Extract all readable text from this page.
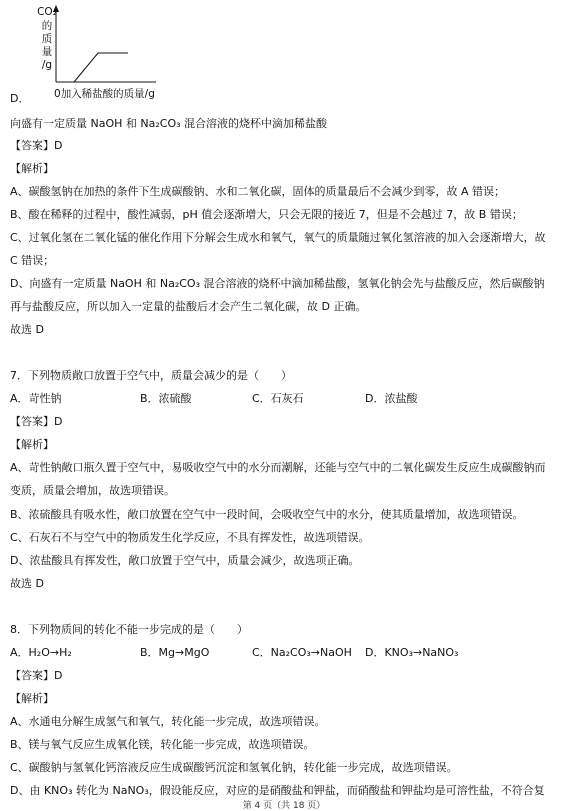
CO₂
的
质
量
/g
0加入稀盐酸的质量/g
D．
向盛有一定质量 NaOH 和 Na₂CO₃ 混合溶液的烧杯中滴加稀盐酸
【答案】D
【解析】
A、碳酸氢钠在加热的条件下生成碳酸钠、水和二氧化碳，固体的质量最后不会减少到零，故 A 错误；
B、酸在稀释的过程中，酸性减弱，pH 值会逐渐增大，只会无限的接近 7，但是不会越过 7，故 B 错误；
C、过氧化氢在二氧化锰的催化作用下分解会生成水和氧气，氧气的质量随过氧化氢溶液的加入会逐渐增大，故
C 错误；
D、向盛有一定质量 NaOH 和 Na₂CO₃ 混合溶液的烧杯中滴加稀盐酸，氢氧化钠会先与盐酸反应，然后碳酸钠
再与盐酸反应，所以加入一定量的盐酸后才会产生二氧化碳，故 D 正确。
故选 D
7．下列物质敞口放置于空气中，质量会减少的是（　　）
A．苛性钠	B．浓硫酸	C．石灰石	D．浓盐酸
【答案】D
【解析】
A、苛性钠敞口瓶久置于空气中，易吸收空气中的水分而潮解，还能与空气中的二氧化碳发生反应生成碳酸钠而
变质，质量会增加，故选项错误。
B、浓硫酸具有吸水性，敞口放置在空气中一段时间，会吸收空气中的水分，使其质量增加，故选项错误。
C、石灰石不与空气中的物质发生化学反应，不具有挥发性，故选项错误。
D、浓盐酸具有挥发性，敞口放置于空气中，质量会减少，故选项正确。
故选 D
8．下列物质间的转化不能一步完成的是（　　）
A．H₂O→H₂	B．Mg→MgO	C．Na₂CO₃→NaOH D．KNO₃→NaNO₃
【答案】D
【解析】
A、水通电分解生成氢气和氧气，转化能一步完成，故选项错误。
B、镁与氧气反应生成氧化镁，转化能一步完成，故选项错误。
C、碳酸钠与氢氧化钙溶液反应生成碳酸钙沉淀和氢氧化钠，转化能一步完成，故选项错误。
D、由 KNO₃ 转化为 NaNO₃，假设能反应，对应的是硝酸盐和钾盐，而硝酸盐和钾盐均是可溶性盐，不符合复
第 4 页（共 18 页）
